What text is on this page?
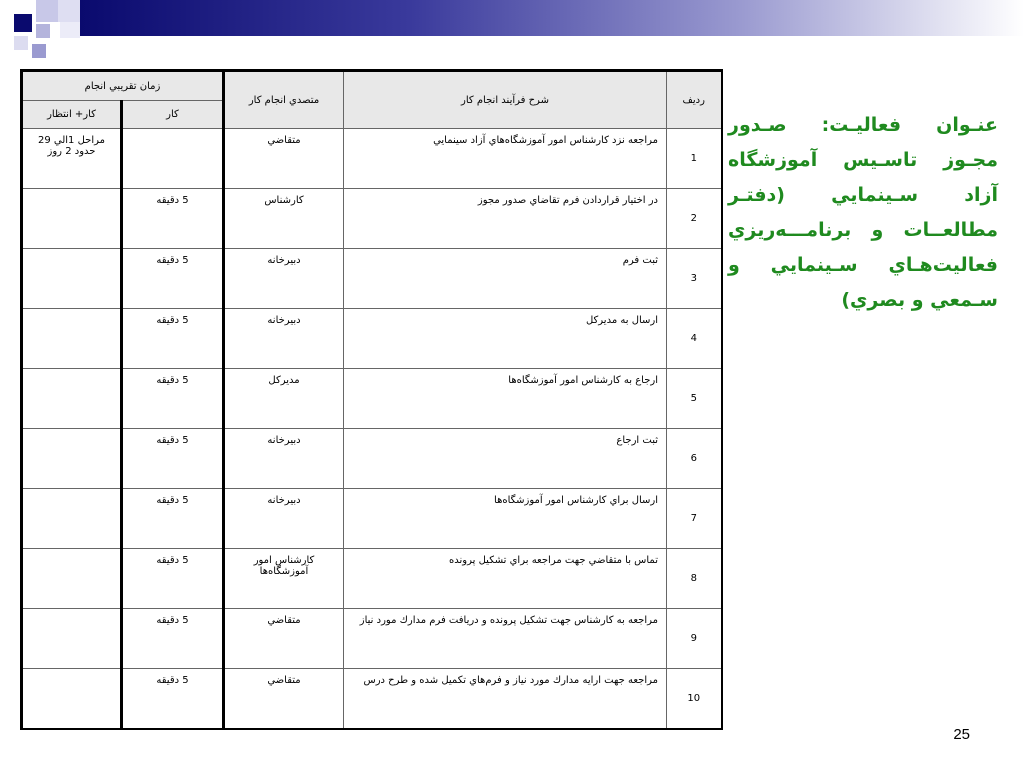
عنـوان فعاليـت: صـدور مجـوز تاسـيس آموزشگاه آزاد سـينمايي (دفتـر مطالعــات و برنامـــه‌ريزي فعاليت‌هـاي سـينمايي و سـمعي و بصري)
رديف	شرح فرآيند انجام كار	متصدي انجام كار	زمان تقريبي انجام	
			كار	كار+ انتظار
1	مراجعه نزد كارشناس امور آموزشگاه‌هاي آزاد سينمايي	متقاضي		مراحل 1الي 29 حدود 2 روز
2	در اختيار قراردادن فرم تقاضاي صدور مجوز	كارشناس	5 دقيقه	
3	ثبت فرم	دبيرخانه	5 دقيقه	
4	ارسال به مديركل	دبيرخانه	5 دقيقه	
5	ارجاع به كارشناس امور آموزشگاه‌ها	مديركل	5 دقيقه	
6	ثبت ارجاع	دبيرخانه	5 دقيقه	
7	ارسال براي كارشناس امور آموزشگاه‌ها	دبيرخانه	5 دقيقه	
8	تماس با متقاضي جهت مراجعه براي تشكيل پرونده	كارشناس امور آموزشگاه‌ها	5 دقيقه	
9	مراجعه به كارشناس جهت تشكيل پرونده و دريافت فرم مدارك مورد نياز	متقاضي	5 دقيقه	
10	مراجعه جهت ارايه مدارك مورد نياز و فرم‌هاي تكميل شده و طرح درس	متقاضي	5 دقيقه	
25
